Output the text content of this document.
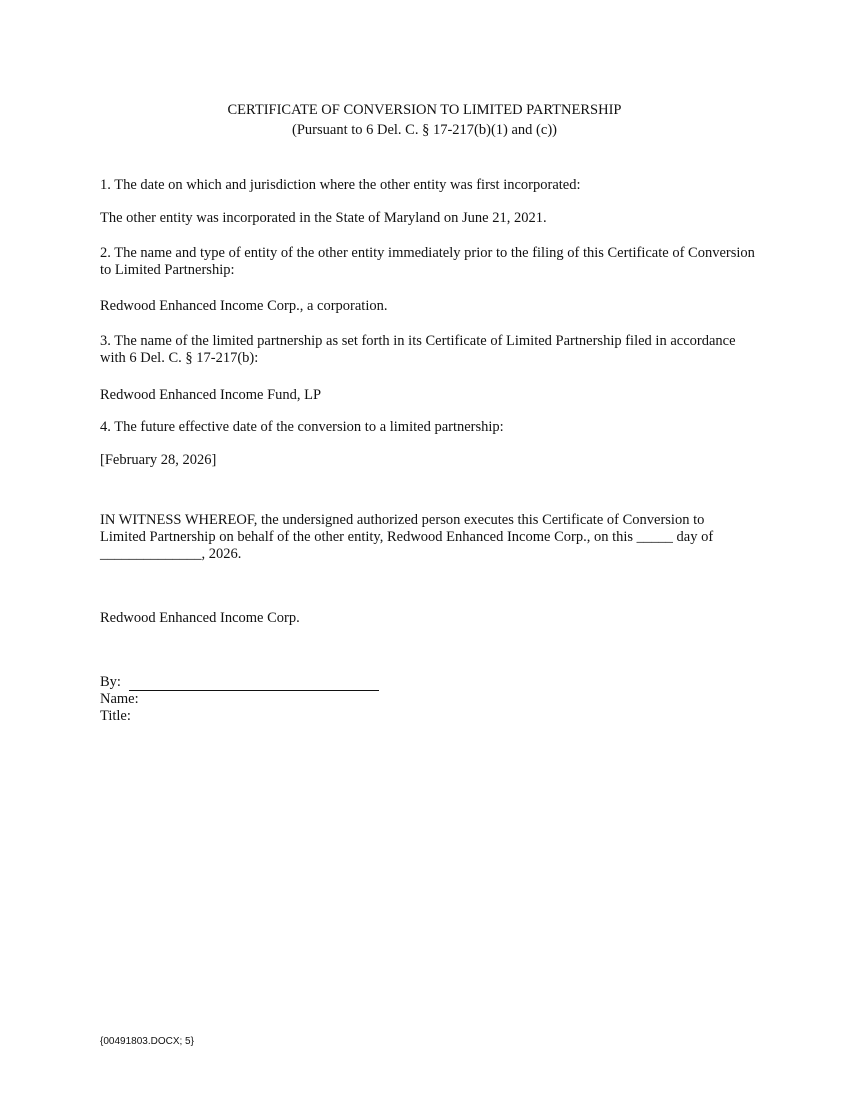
CERTIFICATE OF CONVERSION TO LIMITED PARTNERSHIP
(Pursuant to 6 Del. C. § 17-217(b)(1) and (c))

1. The date on which and jurisdiction where the other entity was first incorporated:

The other entity was incorporated in the State of Maryland on June 21, 2021.

2. The name and type of entity of the other entity immediately prior to the filing of this Certificate of Conversion to Limited Partnership:

Redwood Enhanced Income Corp., a corporation.

3. The name of the limited partnership as set forth in its Certificate of Limited Partnership filed in accordance with 6 Del. C. § 17-217(b):

Redwood Enhanced Income Fund, LP

4. The future effective date of the conversion to a limited partnership:

[February 28, 2026]

IN WITNESS WHEREOF, the undersigned authorized person executes this Certificate of Conversion to Limited Partnership on behalf of the other entity, Redwood Enhanced Income Corp., on this _____ day of ______________, 2026.

Redwood Enhanced Income Corp.

By:
Name:
Title:
{00491803.DOCX; 5}
